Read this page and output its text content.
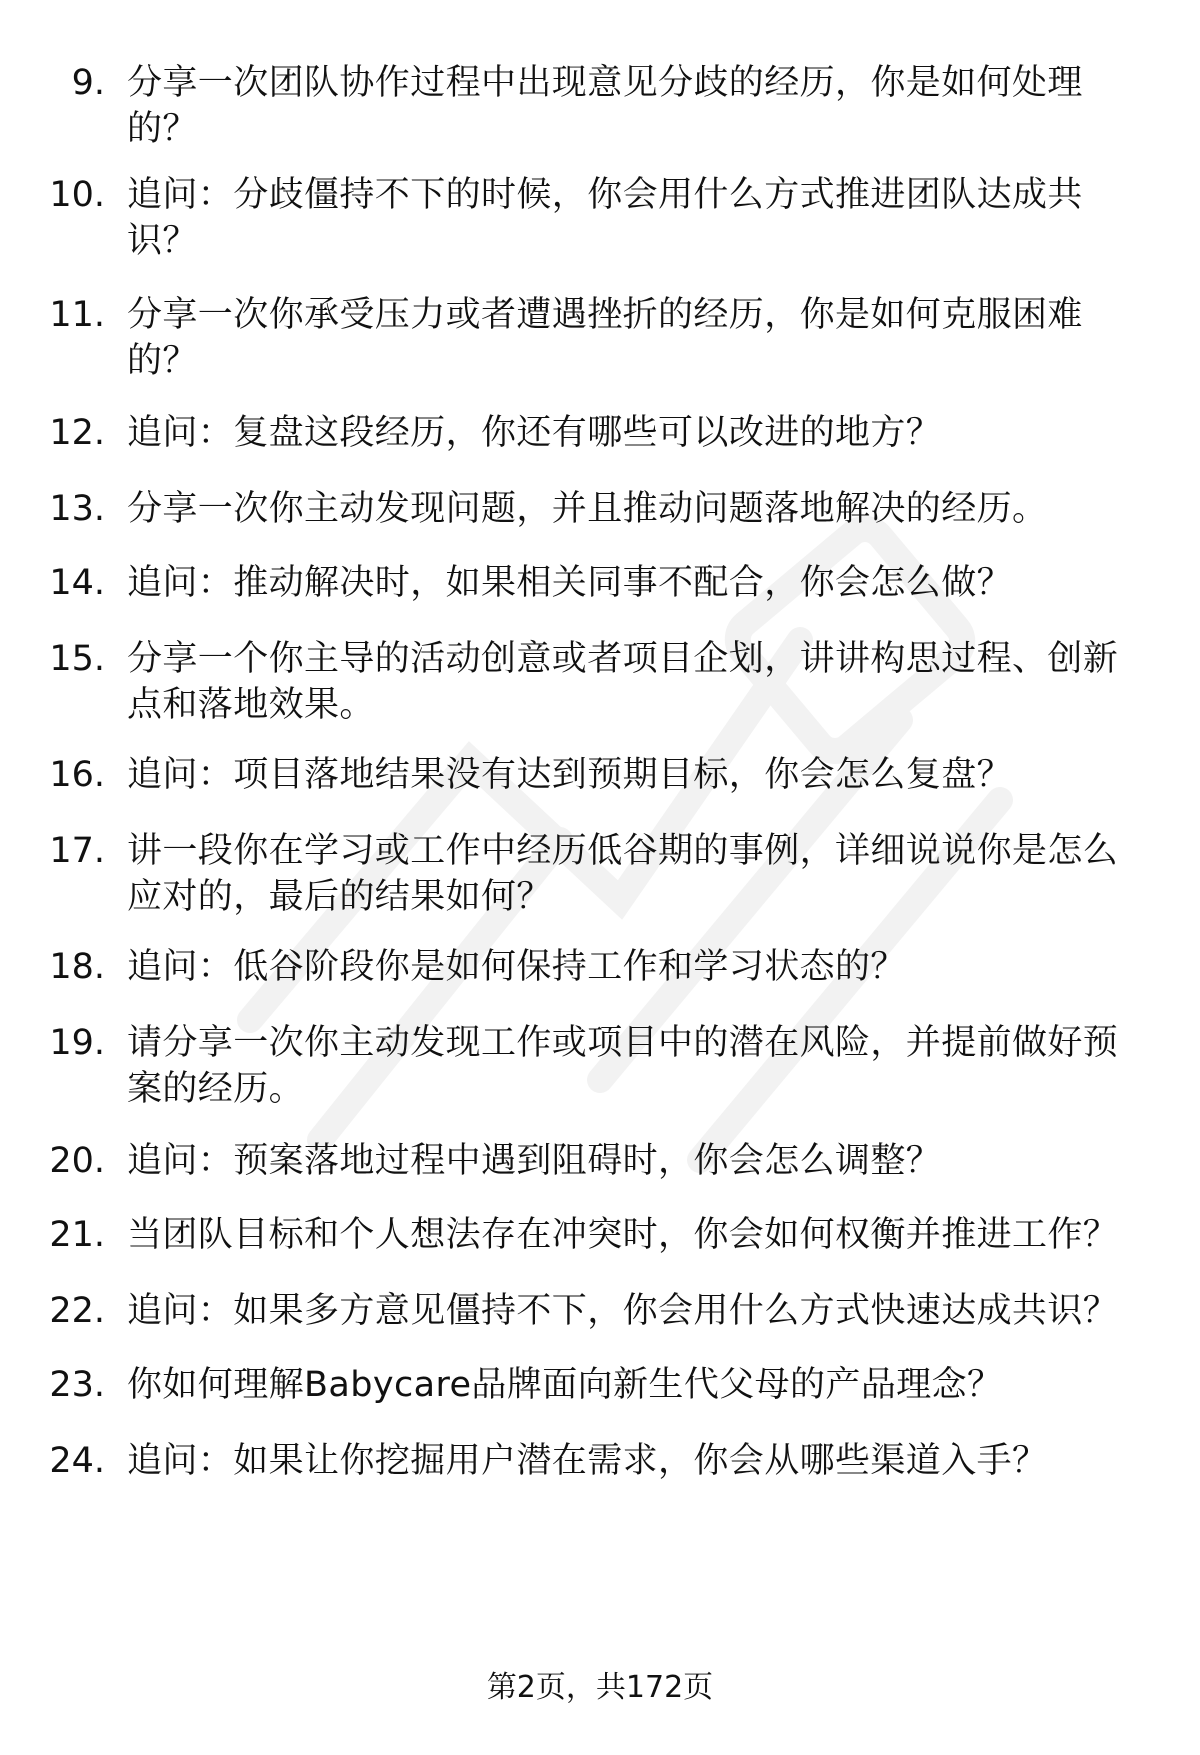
9. 分享一次团队协作过程中出现意见分歧的经历，你是如何处理的？
10. 追问：分歧僵持不下的时候，你会用什么方式推进团队达成共识？
11. 分享一次你承受压力或者遭遇挫折的经历，你是如何克服困难的？
12. 追问：复盘这段经历，你还有哪些可以改进的地方？
13. 分享一次你主动发现问题，并且推动问题落地解决的经历。
14. 追问：推动解决时，如果相关同事不配合，你会怎么做？
15. 分享一个你主导的活动创意或者项目企划，讲讲构思过程、创新点和落地效果。
16. 追问：项目落地结果没有达到预期目标，你会怎么复盘？
17. 讲一段你在学习或工作中经历低谷期的事例，详细说说你是怎么应对的，最后的结果如何？
18. 追问：低谷阶段你是如何保持工作和学习状态的？
19. 请分享一次你主动发现工作或项目中的潜在风险，并提前做好预案的经历。
20. 追问：预案落地过程中遇到阻碍时，你会怎么调整？
21. 当团队目标和个人想法存在冲突时，你会如何权衡并推进工作？
22. 追问：如果多方意见僵持不下，你会用什么方式快速达成共识？
23. 你如何理解Babycare品牌面向新生代父母的产品理念？
24. 追问：如果让你挖掘用户潜在需求，你会从哪些渠道入手？
第2页，共172页
